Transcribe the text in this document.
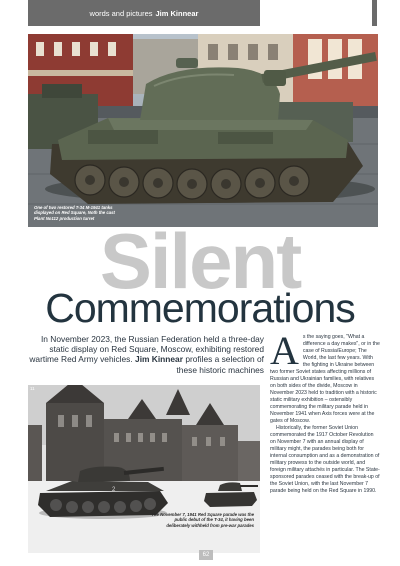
words and pictures Jim Kinnear
One of two restored T-34 M-1941 tanks displayed on Red Square, Noth the cast Plant No112 production turret Silent
Commemorations
In November 2023, the Russian Federation held a three-day static display on Red Square, Moscow, exhibiting restored wartime Red Army vehicles. Jim Kinnear profiles a selection of these historic machines
2
11
The November 7, 1941 Red Square parade was the public debut of the T-34, it having been deliberately withheld from pre-war parades
A s the saying goes, "What a difference a day makes", or in the case of Russia/Europe; The World, the last few years. With the fighting in Ukraine between two former Soviet states affecting millions of Russian and Ukrainian families, with relatives on both sides of the divide, Moscow in November 2023 held to tradition with a historic static military exhibition – ostensibly commemorating the military parade held in November 1941 when Axis forces were at the gates of Moscow.

Historically, the former Soviet Union commemorated the 1917 October Revolution on November 7 with an annual display of military might, the parades being both for internal consumption and as a demonstration of military prowess to the outside world, and foreign military attachés in particular. The State-sponsored parades ceased with the break-up of the Soviet Union, with the last November 7 parade being held on the Red Square in 1990.

62
